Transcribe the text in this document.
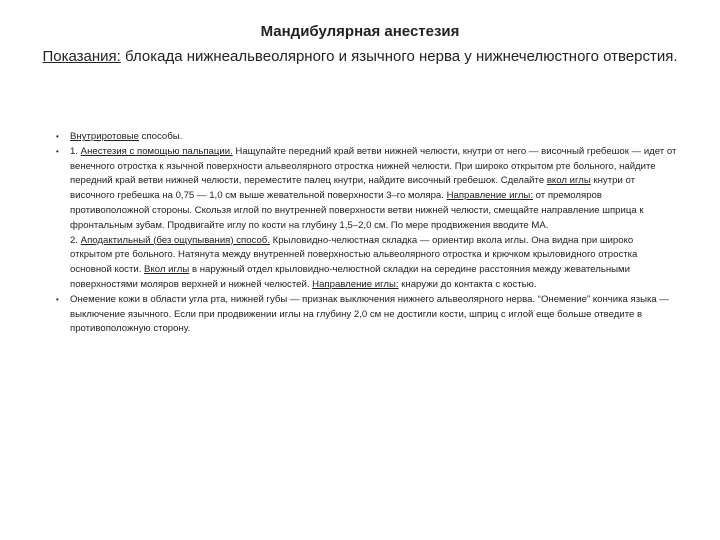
Мандибулярная анестезия
Показания: блокада нижнеальвеолярного и язычного нерва у нижнечелюстного отверстия.
• Внутриротовые способы.

• 1. Анестезия с помощью пальпации. Нащупайте передний край ветви нижней челюсти, кнутри от него — височный гребешок — идет от венечного отростка к язычной поверхности альвеолярного отростка нижней челюсти. При широко открытом рте больного, найдите передний край ветви нижней челюсти, переместите палец кнутри, найдите височный гребешок. Сделайте вкол иглы кнутри от височного гребешка на 0,75 — 1,0 см выше жевательной поверхности 3–го моляра. Направление иглы: от премоляров противоположной стороны. Скользя иглой по внутренней поверхности ветви нижней челюсти, смещайте направление шприца к фронтальным зубам. Продвигайте иглу по кости на глубину 1,5–2,0 см. По мере продвижения вводите МА.

2. Аподактильный (без ощупывания) способ. Крыловидно-челюстная складка — ориентир вкола иглы. Она видна при широко открытом рте больного. Натянута между внутренней поверхностью альвеолярного отростка и крючком крыловидного отростка основной кости. Вкол иглы в наружный отдел крыловидно-челюстной складки на середине расстояния между жевательными поверхностями моляров верхней и нижней челюстей. Направление иглы: кнаружи до контакта с костью.

• Онемение кожи в области угла рта, нижней губы — признак выключения нижнего альвеолярного нерва. “Онемение” кончика языка — выключение язычного. Если при продвижении иглы на глубину 2,0 см не достигли кости, шприц с иглой еще больше отведите в противоположную сторону.
